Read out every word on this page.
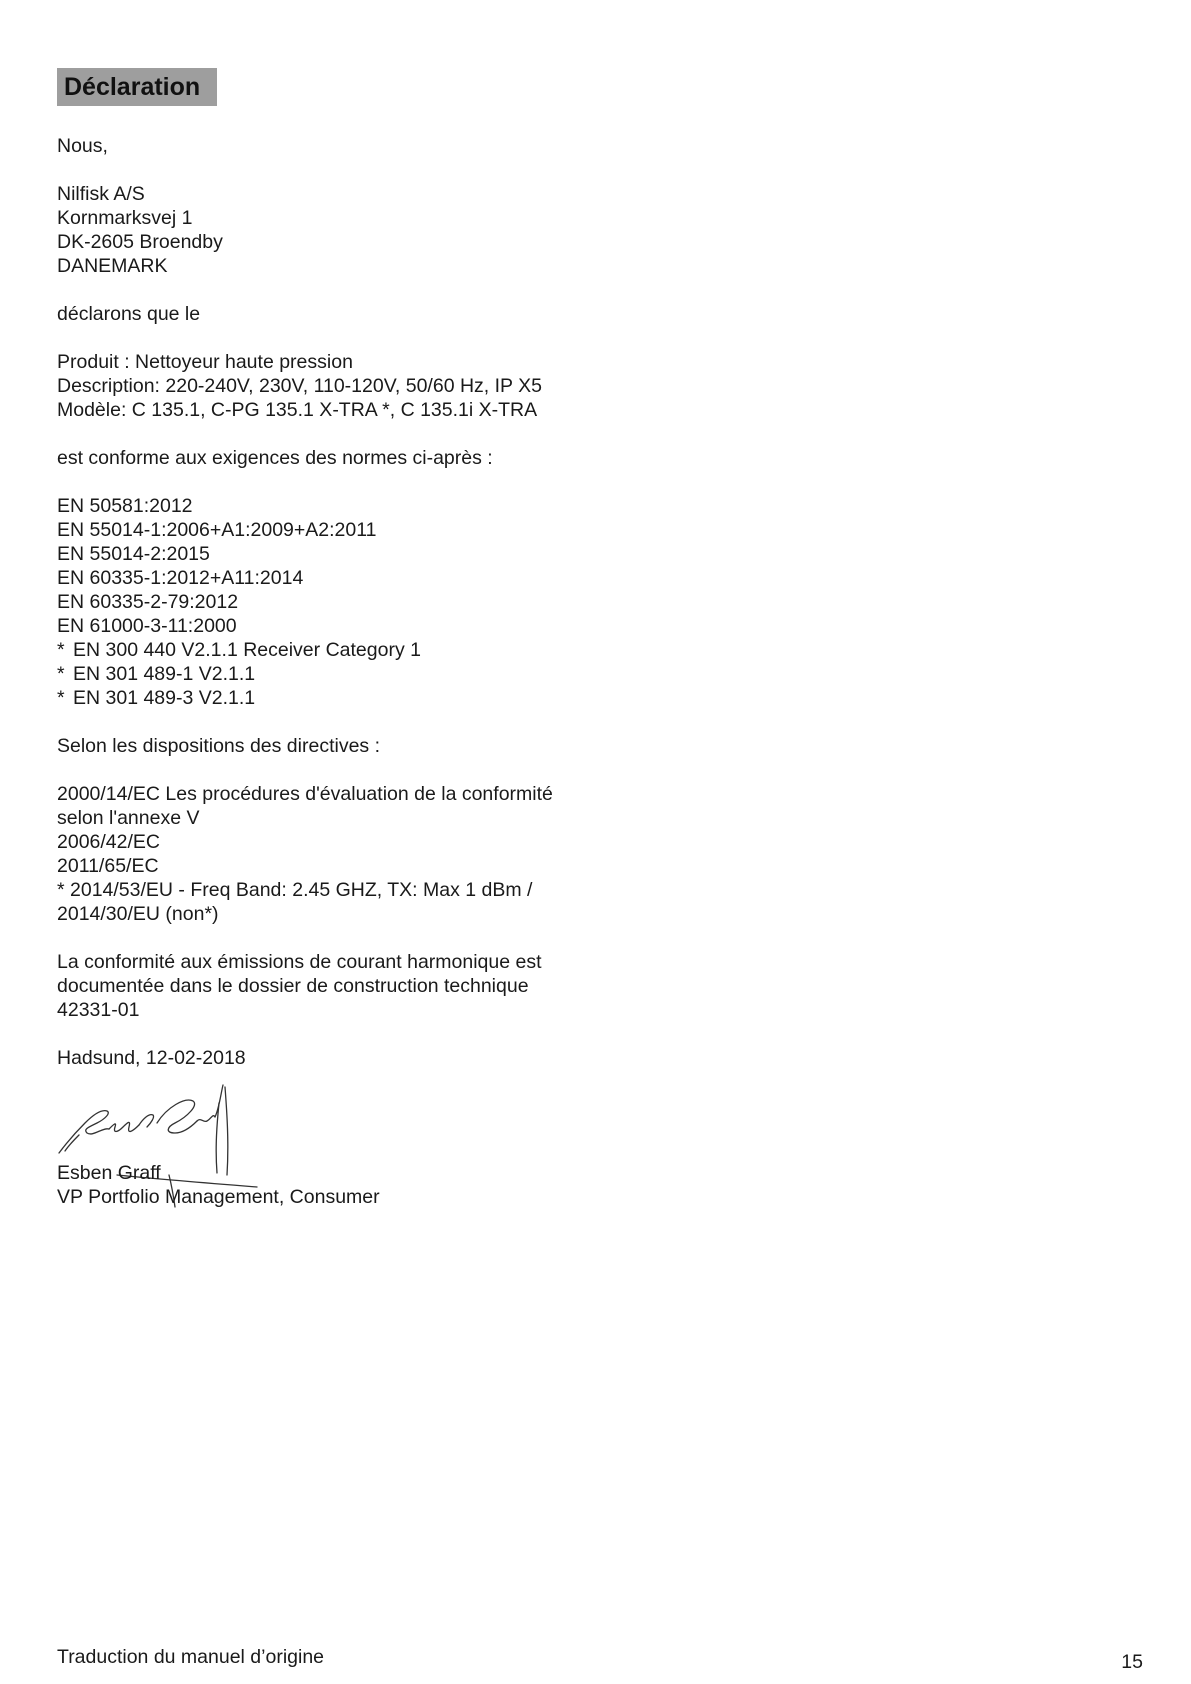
Déclaration
Nous,
Nilfisk A/S
Kornmarksvej 1
DK-2605 Broendby
DANEMARK
déclarons que le
Produit : Nettoyeur haute pression
Description: 220-240V, 230V, 110-120V, 50/60 Hz, IP X5
Modèle: C 135.1, C-PG 135.1 X-TRA *, C 135.1i X-TRA
est conforme aux exigences des normes ci-après :
EN 50581:2012
EN 55014-1:2006+A1:2009+A2:2011
EN 55014-2:2015
EN 60335-1:2012+A11:2014
EN 60335-2-79:2012
EN 61000-3-11:2000
* EN 300 440 V2.1.1 Receiver Category 1
* EN 301 489-1 V2.1.1
* EN 301 489-3 V2.1.1
Selon les dispositions des directives :
2000/14/EC Les procédures d'évaluation de la conformité
selon l'annexe V
2006/42/EC
2011/65/EC
* 2014/53/EU - Freq Band: 2.45 GHZ, TX: Max 1 dBm /
2014/30/EU (non*)
La conformité aux émissions de courant harmonique est
documentée dans le dossier de construction technique
42331-01
Hadsund, 12-02-2018
Esben Graff
VP Portfolio Management, Consumer
Traduction du manuel d’origine	15
